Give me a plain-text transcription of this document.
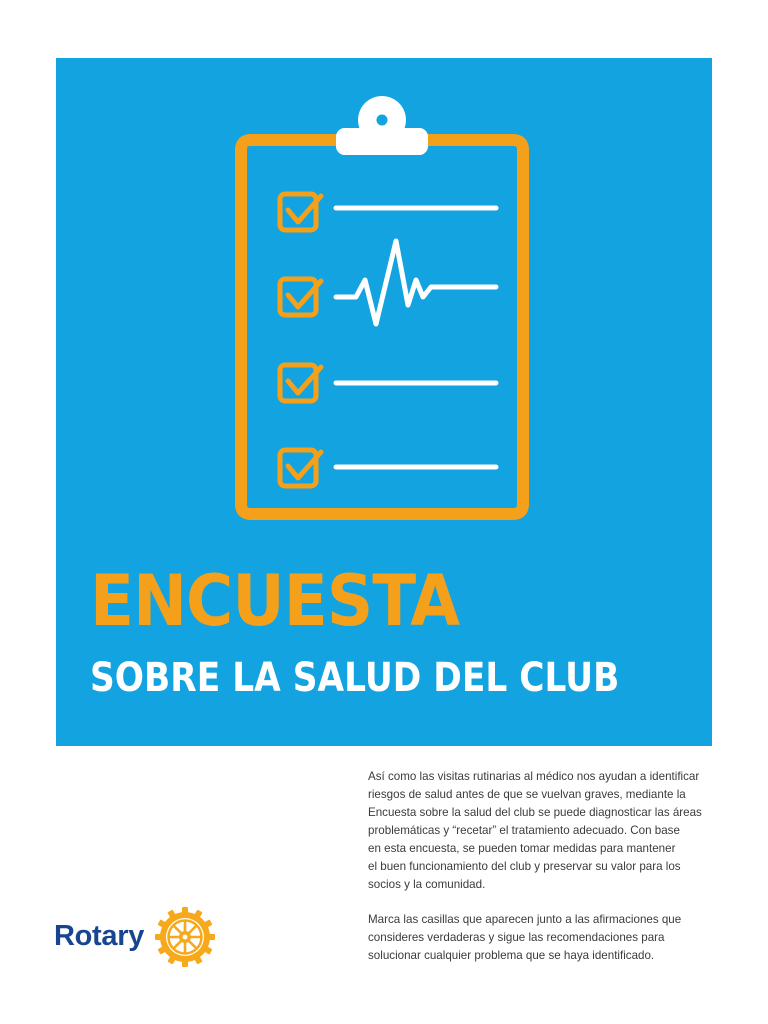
ENCUESTA
SOBRE LA SALUD DEL CLUB
Rotary

Así como las visitas rutinarias al médico nos ayudan a identificar
riesgos de salud antes de que se vuelvan graves, mediante la
Encuesta sobre la salud del club se puede diagnosticar las áreas
problemáticas y “recetar” el tratamiento adecuado. Con base
en esta encuesta, se pueden tomar medidas para mantener
el buen funcionamiento del club y preservar su valor para los
socios y la comunidad.

Marca las casillas que aparecen junto a las afirmaciones que
consideres verdaderas y sigue las recomendaciones para
solucionar cualquier problema que se haya identificado.
